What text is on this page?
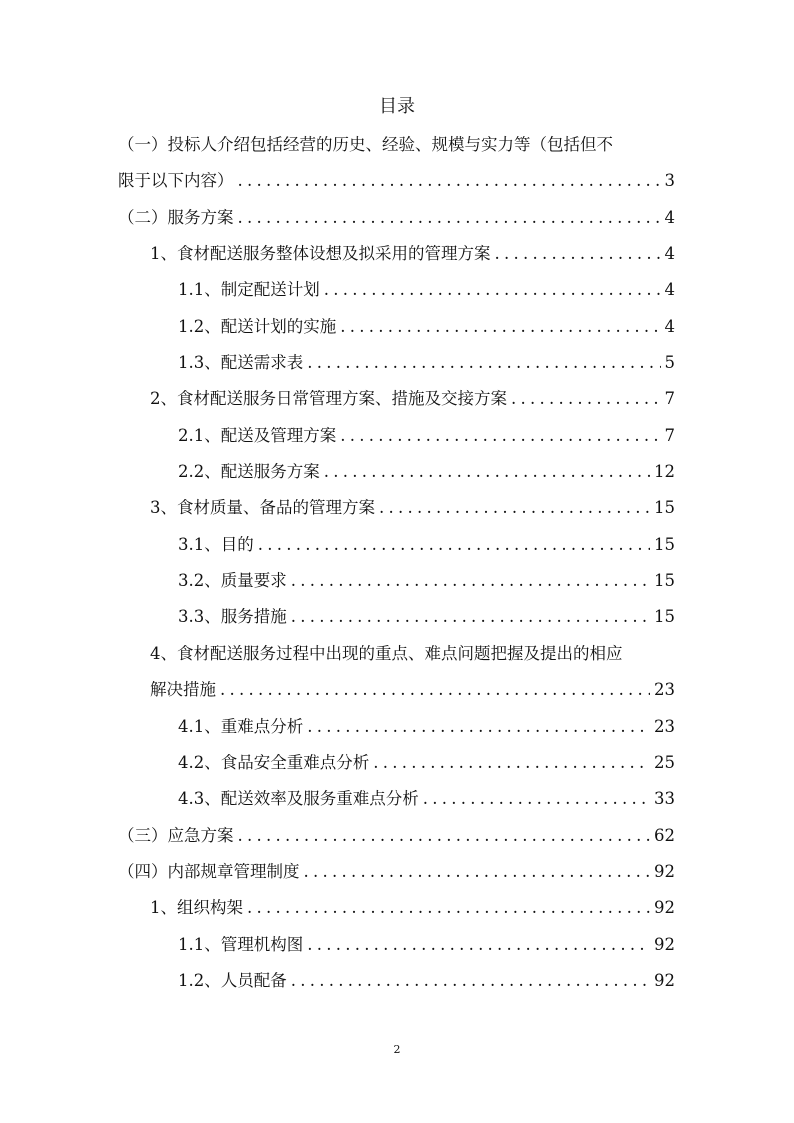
目录
（一）投标人介绍包括经营的历史、经验、规模与实力等（包括但不
限于以下内容） . . .	3
（二）服务方案 . . .	4
1、食材配送服务整体设想及拟采用的管理方案 . . .	4
1.1、制定配送计划 . . .	4
1.2、配送计划的实施 . . .	4
1.3、配送需求表 . . .	5
2、食材配送服务日常管理方案、措施及交接方案 . . .	7
2.1、配送及管理方案 . . .	7
2.2、配送服务方案 . . .	12
3、食材质量、备品的管理方案 . . .	15
3.1、目的 . . .	15
3.2、质量要求 . . .	15
3.3、服务措施 . . .	15
4、食材配送服务过程中出现的重点、难点问题把握及提出的相应
解决措施 . . .	23
4.1、重难点分析 . . .	23
4.2、食品安全重难点分析 . . .	25
4.3、配送效率及服务重难点分析 . . .	33
（三）应急方案 . . .	62
（四）内部规章管理制度 . . .	92
1、组织构架 . . .	92
1.1、管理机构图 . . .	92
1.2、人员配备 . . .	92
2
